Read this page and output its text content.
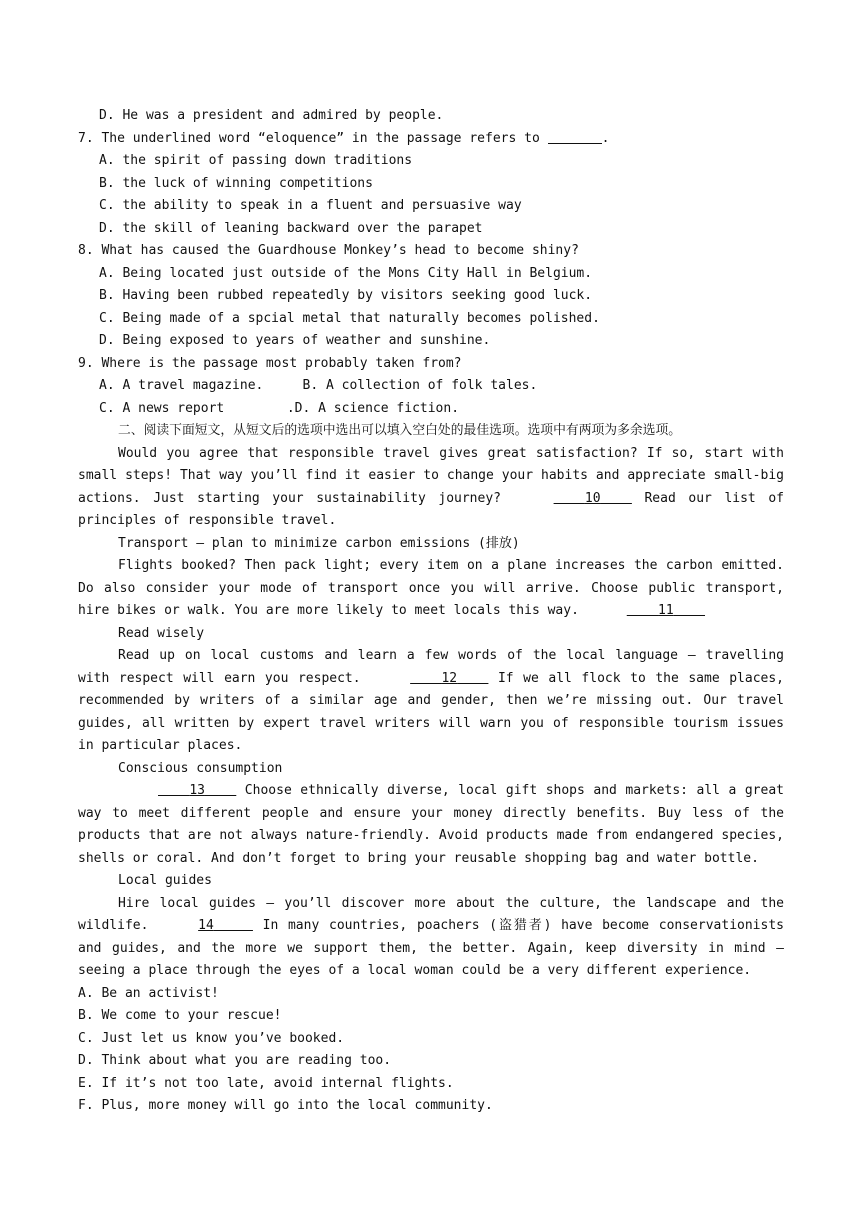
D. He was a president and admired by people.
7. The underlined word “eloquence” in the passage refers to	.
A. the spirit of passing down traditions
B. the luck of winning competitions
C. the ability to speak in a fluent and persuasive way
D. the skill of leaning backward over the parapet
8. What has caused the Guardhouse Monkey’s head to become shiny?
A. Being located just outside of the Mons City Hall in Belgium.
B. Having been rubbed repeatedly by visitors seeking good luck.
C. Being made of a spcial metal that naturally becomes polished.
D. Being exposed to years of weather and sunshine.
9. Where is the passage most probably taken from?
A. A travel magazine.     B. A collection of folk tales.
C. A news report        .D. A science fiction.
二、阅读下面短文，从短文后的选项中选出可以填入空白处的最佳选项。选项中有两项为多余选项。

Would you agree that responsible travel gives great satisfaction? If so, start with small steps! That way you’ll find it easier to change your habits and appreciate small-big actions. Just starting your sustainability journey?	10     Read our list of principles of responsible travel.

Transport — plan to minimize carbon emissions (排放)

Flights booked? Then pack light; every item on a plane increases the carbon emitted. Do also consider your mode of transport once you will arrive. Choose public transport, hire bikes or walk. You are more likely to meet locals this way.	11

Read wisely

Read up on local customs and learn a few words of the local language — travelling with respect will earn you respect.	12     If we all flock to the same places, recommended by writers of a similar age and gender, then we’re missing out. Our travel guides, all written by expert travel writers will warn you of responsible tourism issues in particular places.

Conscious consumption

13     Choose ethnically diverse, local gift shops and markets: all a great way to meet different people and ensure your money directly benefits. Buy less of the products that are not always nature-friendly. Avoid products made from endangered species, shells or coral. And don’t forget to bring your reusable shopping bag and water bottle.

Local guides

Hire local guides — you’ll discover more about the culture, the landscape and the wildlife.	14	In many countries, poachers (盗猎者) have become conservationists and guides, and the more we support them, the better. Again, keep diversity in mind — seeing a place through the eyes of a local woman could be a very different experience.

A. Be an activist!
B. We come to your rescue!
C. Just let us know you’ve booked.
D. Think about what you are reading too.
E. If it’s not too late, avoid internal flights.
F. Plus, more money will go into the local community.
